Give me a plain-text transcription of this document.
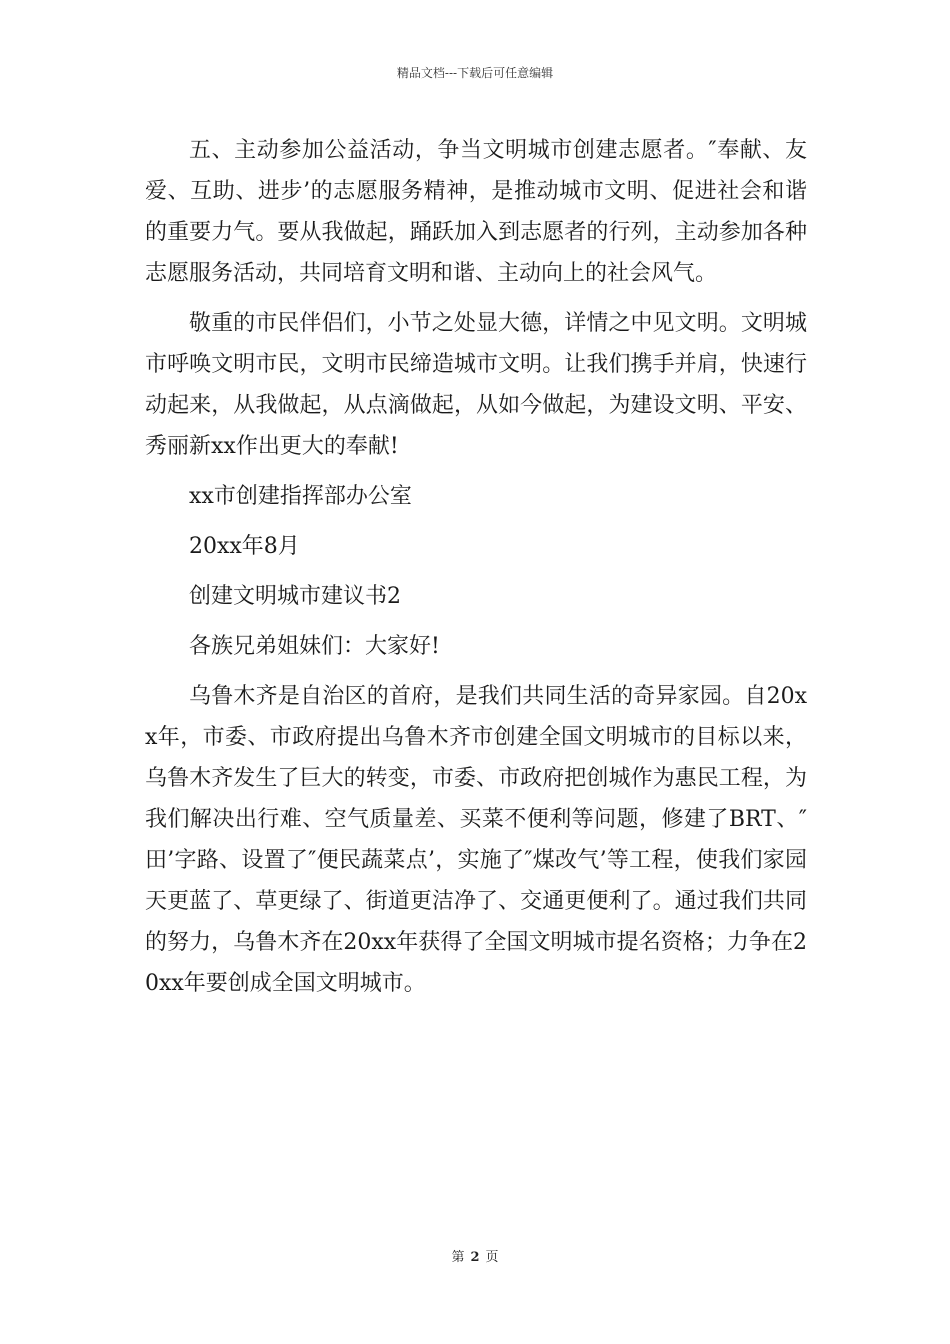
精品文档---下载后可任意编辑

五、主动参加公益活动，争当文明城市创建志愿者。″奉献、友爱、互助、进步’的志愿服务精神，是推动城市文明、促进社会和谐的重要力气。要从我做起，踊跃加入到志愿者的行列，主动参加各种志愿服务活动，共同培育文明和谐、主动向上的社会风气。

敬重的市民伴侣们，小节之处显大德，详情之中见文明。文明城市呼唤文明市民，文明市民缔造城市文明。让我们携手并肩，快速行动起来，从我做起，从点滴做起，从如今做起，为建设文明、平安、秀丽新xx作出更大的奉献!

xx市创建指挥部办公室

20xx年8月

创建文明城市建议书2

各族兄弟姐妹们：大家好!

乌鲁木齐是自治区的首府，是我们共同生活的奇异家园。自20xx年，市委、市政府提出乌鲁木齐市创建全国文明城市的目标以来，乌鲁木齐发生了巨大的转变，市委、市政府把创城作为惠民工程，为我们解决出行难、空气质量差、买菜不便利等问题，修建了BRT、″田’字路、设置了″便民蔬菜点’，实施了″煤改气’等工程，使我们家园天更蓝了、草更绿了、街道更洁净了、交通更便利了。通过我们共同的努力，乌鲁木齐在20xx年获得了全国文明城市提名资格；力争在20xx年要创成全国文明城市。

第 2 页
